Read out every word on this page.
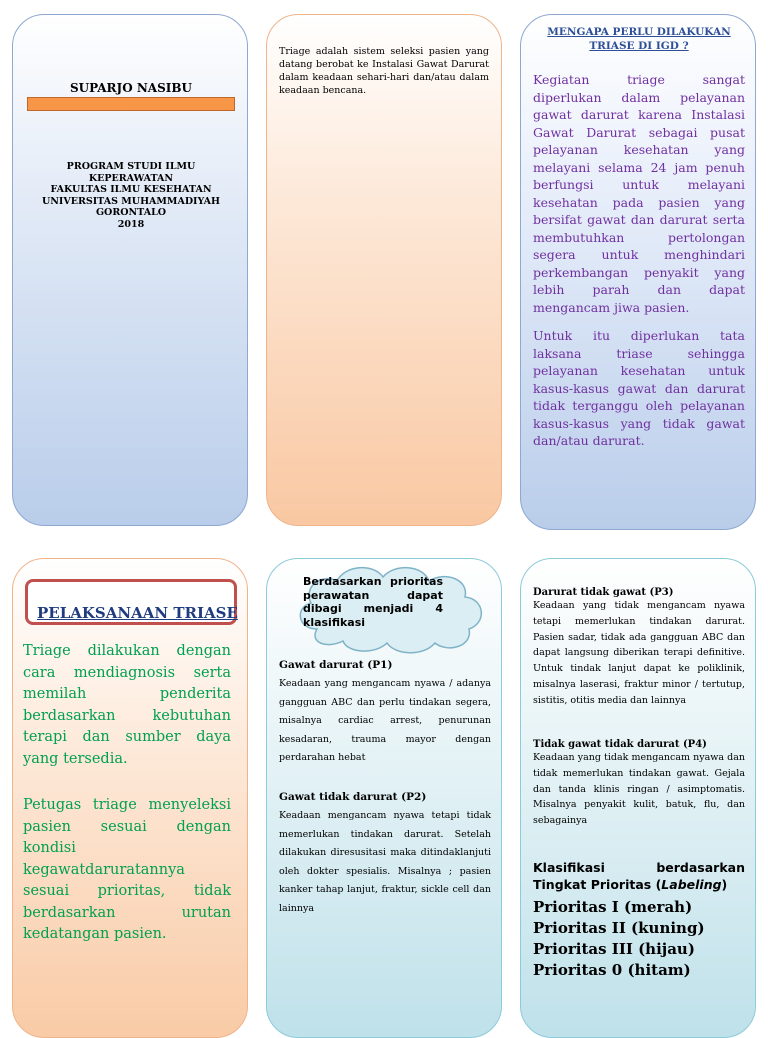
SUPARJO NASIBU
PROGRAM STUDI ILMU
KEPERAWATAN
FAKULTAS ILMU KESEHATAN
UNIVERSITAS MUHAMMADIYAH
GORONTALO
2018
Triage adalah sistem seleksi pasien yang datang berobat ke Instalasi Gawat Darurat dalam keadaan sehari-hari dan/atau dalam keadaan bencana.
MENGAPA PERLU DILAKUKAN TRIASE DI IGD ?
Kegiatan triage sangat diperlukan dalam pelayanan gawat darurat karena Instalasi Gawat Darurat sebagai pusat pelayanan kesehatan yang melayani selama 24 jam penuh berfungsi untuk melayani kesehatan pada pasien yang bersifat gawat dan darurat serta membutuhkan pertolongan segera untuk menghindari perkembangan penyakit yang lebih parah dan dapat mengancam jiwa pasien.
Untuk itu diperlukan tata laksana triase sehingga pelayanan kesehatan untuk kasus-kasus gawat dan darurat tidak terganggu oleh pelayanan kasus-kasus yang tidak gawat dan/atau darurat.
PELAKSANAAN TRIASE
Triage dilakukan dengan cara mendiagnosis serta memilah penderita berdasarkan kebutuhan terapi dan sumber daya yang tersedia.
Petugas triage menyeleksi pasien sesuai dengan kondisi kegawatdaruratannya sesuai prioritas, tidak berdasarkan urutan kedatangan pasien.
Berdasarkan prioritas perawatan dapat dibagi menjadi 4 klasifikasi
Gawat darurat (P1)
Keadaan yang mengancam nyawa / adanya gangguan ABC dan perlu tindakan segera, misalnya cardiac arrest, penurunan kesadaran, trauma mayor dengan perdarahan hebat
Gawat tidak darurat (P2)
Keadaan mengancam nyawa tetapi tidak memerlukan tindakan darurat. Setelah dilakukan diresusitasi maka ditindaklanjuti oleh dokter spesialis. Misalnya ; pasien kanker tahap lanjut, fraktur, sickle cell dan lainnya
Darurat tidak gawat (P3)
Keadaan yang tidak mengancam nyawa tetapi memerlukan tindakan darurat. Pasien sadar, tidak ada gangguan ABC dan dapat langsung diberikan terapi definitive. Untuk tindak lanjut dapat ke poliklinik, misalnya laserasi, fraktur minor / tertutup, sistitis, otitis media dan lainnya
Tidak gawat tidak darurat (P4)
Keadaan yang tidak mengancam nyawa dan tidak memerlukan tindakan gawat. Gejala dan tanda klinis ringan / asimptomatis. Misalnya penyakit kulit, batuk, flu, dan sebagainya
Klasifikasi berdasarkan Tingkat Prioritas (Labeling)
Prioritas I (merah)
Prioritas II (kuning)
Prioritas III (hijau)
Prioritas 0 (hitam)
